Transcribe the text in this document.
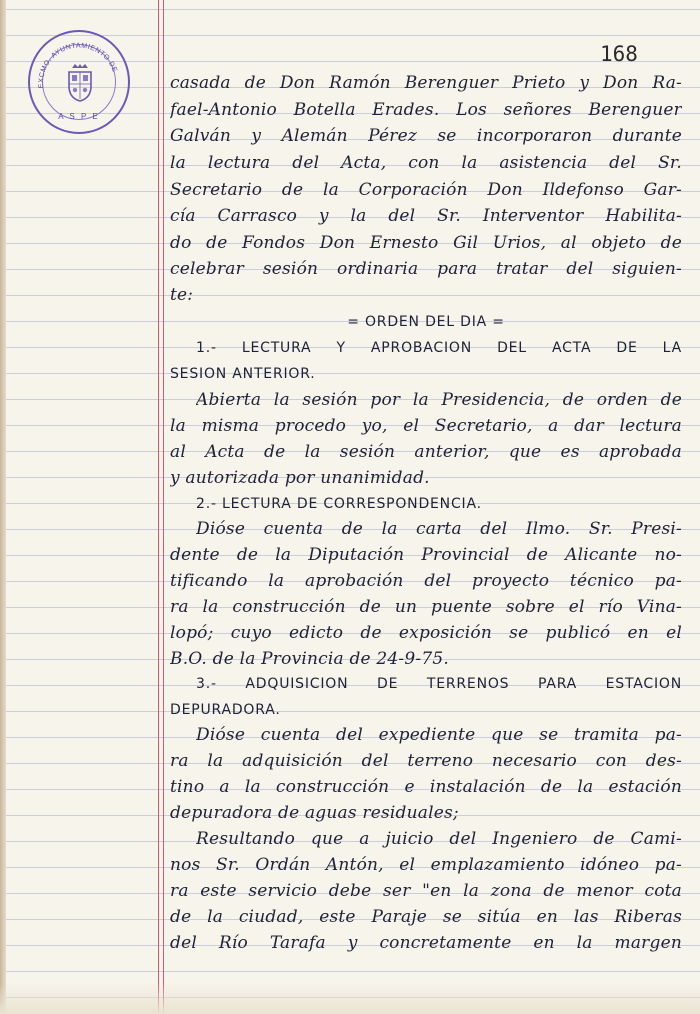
EXCMO. AYUNTAMIENTO DE
A S P E
168
casada de Don Ramón Berenguer Prieto y Don Ra-
fael-Antonio Botella Erades. Los señores Berenguer
Galván y Alemán Pérez se incorporaron durante
la lectura del Acta, con la asistencia del Sr.
Secretario de la Corporación Don Ildefonso Gar-
cía Carrasco y la del Sr. Interventor Habilita-
do de Fondos Don Ernesto Gil Urios, al objeto de
celebrar sesión ordinaria para tratar del siguien-
te:
= ORDEN DEL DIA =
1.- LECTURA Y APROBACION DEL ACTA DE LA
SESION ANTERIOR.
Abierta la sesión por la Presidencia, de orden de
la misma procedo yo, el Secretario, a dar lectura
al Acta de la sesión anterior, que es aprobada
y autorizada por unanimidad.
2.- LECTURA DE CORRESPONDENCIA.
Dióse cuenta de la carta del Ilmo. Sr. Presi-
dente de la Diputación Provincial de Alicante no-
tificando la aprobación del proyecto técnico pa-
ra la construcción de un puente sobre el río Vina-
lopó; cuyo edicto de exposición se publicó en el
B.O. de la Provincia de 24-9-75.
3.- ADQUISICION DE TERRENOS PARA ESTACION
DEPURADORA.
Dióse cuenta del expediente que se tramita pa-
ra la adquisición del terreno necesario con des-
tino a la construcción e instalación de la estación
depuradora de aguas residuales;
Resultando que a juicio del Ingeniero de Cami-
nos Sr. Ordán Antón, el emplazamiento idóneo pa-
ra este servicio debe ser "en la zona de menor cota
de la ciudad, este Paraje se sitúa en las Riberas
del Río Tarafa y concretamente en la margen
